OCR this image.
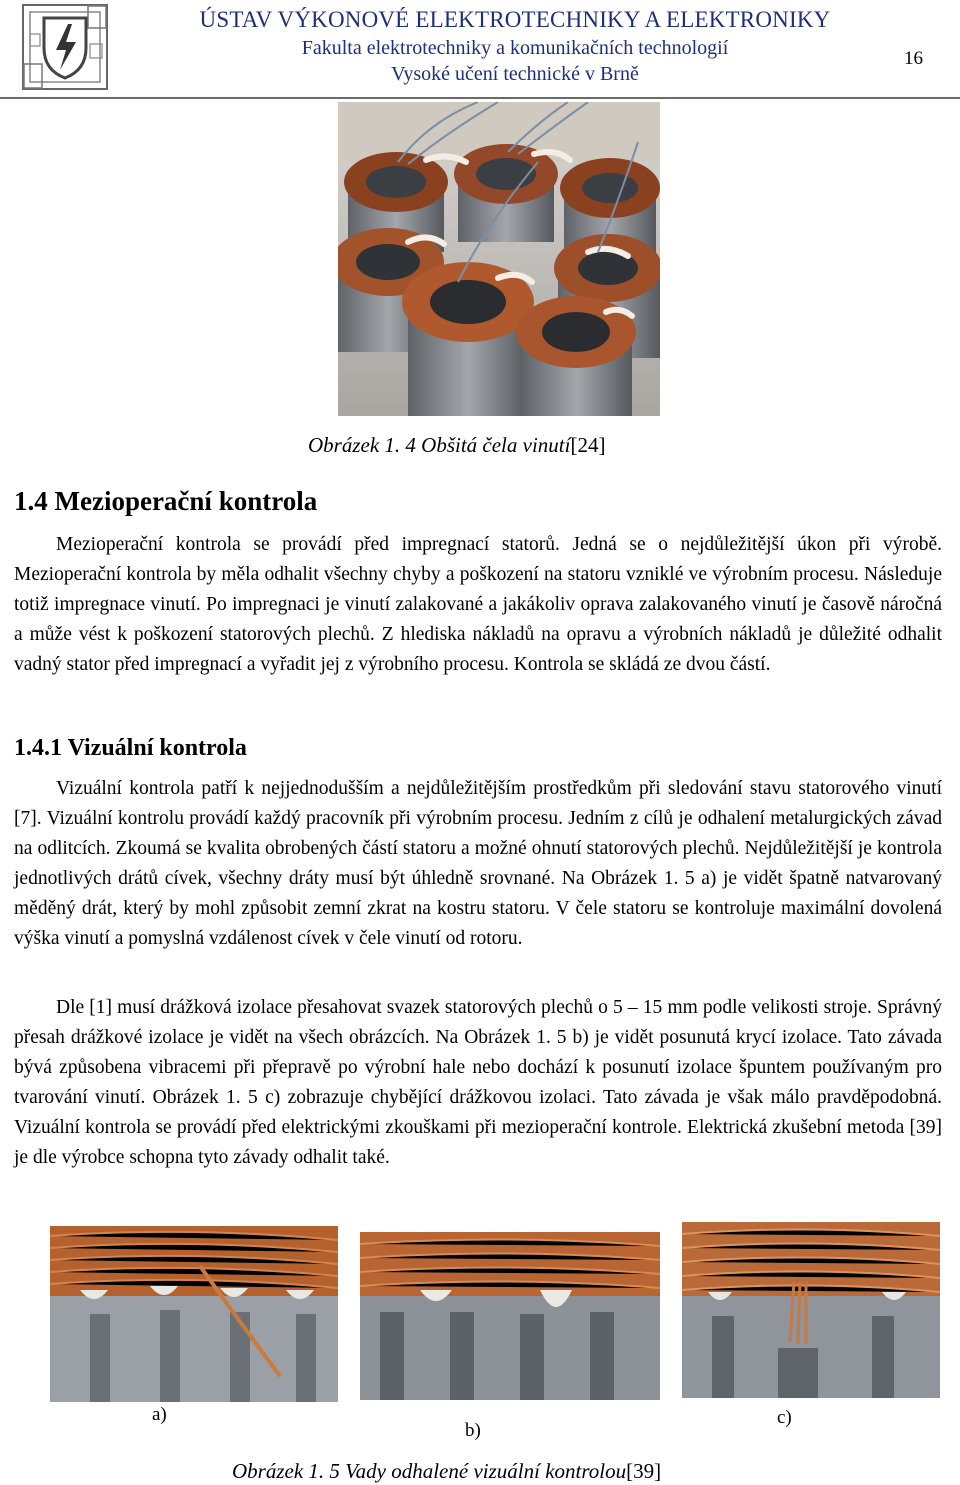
ÚSTAV VÝKONOVÉ ELEKTROTECHNIKY A ELEKTRONIKY
Fakulta elektrotechniky a komunikačních technologií
Vysoké učení technické v Brně
16
Obrázek 1. 4 Obšitá čela vinutí[24]
1.4 Mezioperační kontrola

Mezioperační kontrola se provádí před impregnací statorů. Jedná se o nejdůležitější úkon při výrobě. Mezioperační kontrola by měla odhalit všechny chyby a poškození na statoru vzniklé ve výrobním procesu. Následuje totiž impregnace vinutí. Po impregnaci je vinutí zalakované a jakákoliv oprava zalakovaného vinutí je časově náročná a může vést k poškození statorových plechů. Z hlediska nákladů na opravu a výrobních nákladů je důležité odhalit vadný stator před impregnací a vyřadit jej z výrobního procesu. Kontrola se skládá ze dvou částí.

1.4.1 Vizuální kontrola

Vizuální kontrola patří k nejjednodušším a nejdůležitějším prostředkům při sledování stavu statorového vinutí [7]. Vizuální kontrolu provádí každý pracovník při výrobním procesu. Jedním z cílů je odhalení metalurgických závad na odlitcích. Zkoumá se kvalita obrobených částí statoru a možné ohnutí statorových plechů. Nejdůležitější je kontrola jednotlivých drátů cívek, všechny dráty musí být úhledně srovnané. Na Obrázek 1. 5 a) je vidět špatně natvarovaný měděný drát, který by mohl způsobit zemní zkrat na kostru statoru. V čele statoru se kontroluje maximální dovolená výška vinutí a pomyslná vzdálenost cívek v čele vinutí od rotoru.

Dle [1] musí drážková izolace přesahovat svazek statorových plechů o 5 – 15 mm podle velikosti stroje. Správný přesah drážkové izolace je vidět na všech obrázcích. Na Obrázek 1. 5 b) je vidět posunutá krycí izolace. Tato závada bývá způsobena vibracemi při přepravě po výrobní hale nebo dochází k posunutí izolace špuntem používaným pro tvarování vinutí. Obrázek 1. 5 c) zobrazuje chybějící drážkovou izolaci. Tato závada je však málo pravděpodobná. Vizuální kontrola se provádí před elektrickými zkouškami při mezioperační kontrole. Elektrická zkušební metoda [39] je dle výrobce schopna tyto závady odhalit také.

a)
b)
c)
Obrázek 1. 5 Vady odhalené vizuální kontrolou[39]
